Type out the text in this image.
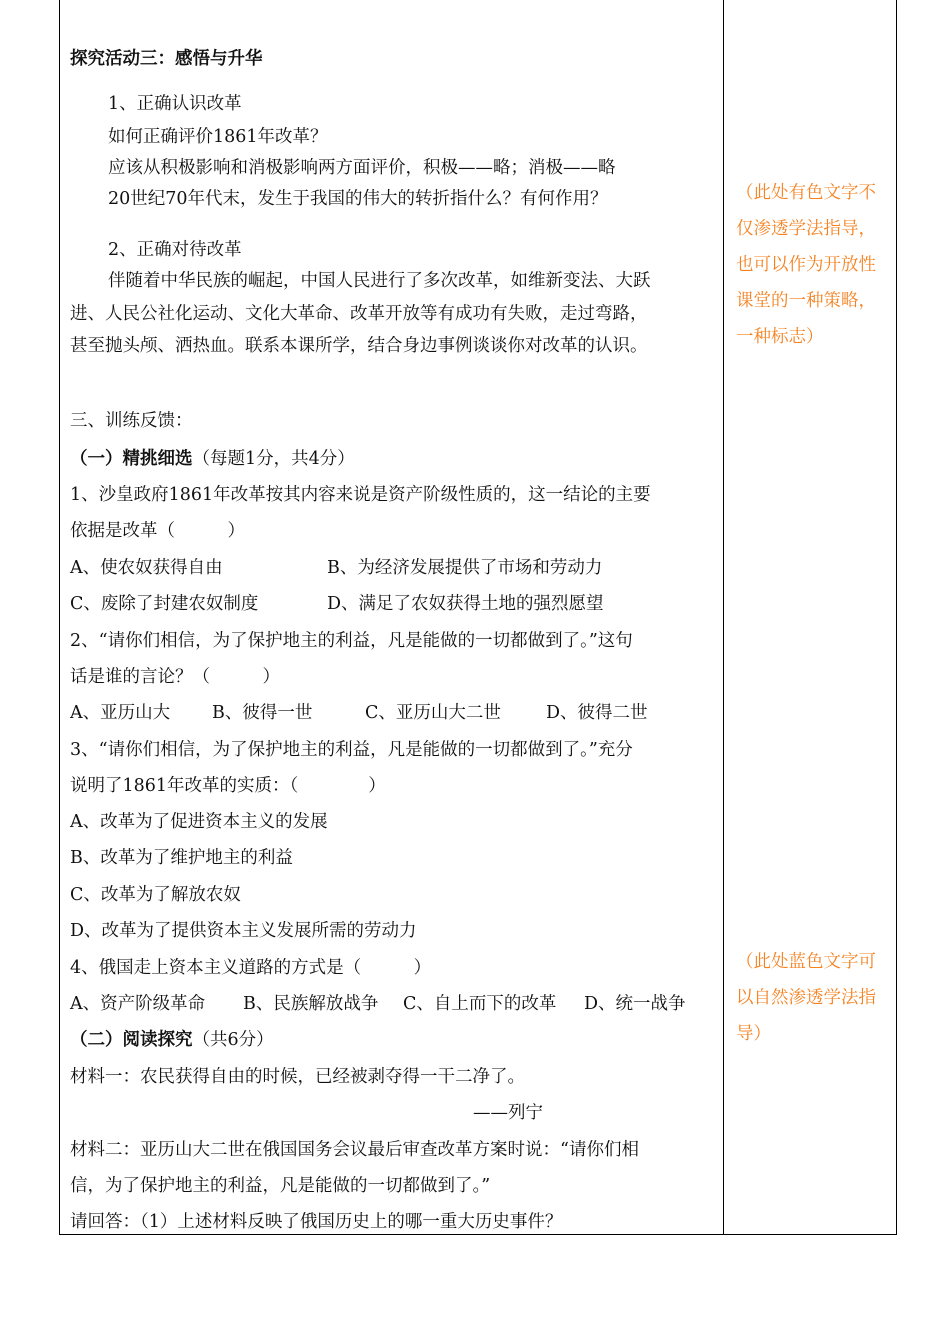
探究活动三：感悟与升华
1、正确认识改革
如何正确评价1861年改革？
应该从积极影响和消极影响两方面评价，积极——略；消极——略
20世纪70年代末，发生于我国的伟大的转折指什么？有何作用？
2、正确对待改革
伴随着中华民族的崛起，中国人民进行了多次改革，如维新变法、大跃
进、人民公社化运动、文化大革命、改革开放等有成功有失败，走过弯路，
甚至抛头颅、洒热血。联系本课所学，结合身边事例谈谈你对改革的认识。
三、训练反馈：
（一）精挑细选（每题1分，共4分）
1、沙皇政府1861年改革按其内容来说是资产阶级性质的，这一结论的主要
依据是改革（　　　）
A、使农奴获得自由	B、为经济发展提供了市场和劳动力
C、废除了封建农奴制度	D、满足了农奴获得土地的强烈愿望
2、“请你们相信，为了保护地主的利益，凡是能做的一切都做到了。”这句
话是谁的言论？（　　　）
A、亚历山大 B、彼得一世	C、亚历山大二世	D、彼得二世
3、“请你们相信，为了保护地主的利益，凡是能做的一切都做到了。”充分
说明了1861年改革的实质：（　　　　）
A、改革为了促进资本主义的发展
B、改革为了维护地主的利益
C、改革为了解放农奴
D、改革为了提供资本主义发展所需的劳动力
4、俄国走上资本主义道路的方式是（　　　）
A、资产阶级革命 B、民族解放战争 C、自上而下的改革 D、统一战争
（二）阅读探究（共6分）
材料一：农民获得自由的时候，已经被剥夺得一干二净了。
——列宁
材料二：亚历山大二世在俄国国务会议最后审查改革方案时说：“请你们相
信，为了保护地主的利益，凡是能做的一切都做到了。”
请回答：（1）上述材料反映了俄国历史上的哪一重大历史事件？
（此处有色文字不
仅渗透学法指导，
也可以作为开放性
课堂的一种策略，
一种标志）
（此处蓝色文字可
以自然渗透学法指
导）
